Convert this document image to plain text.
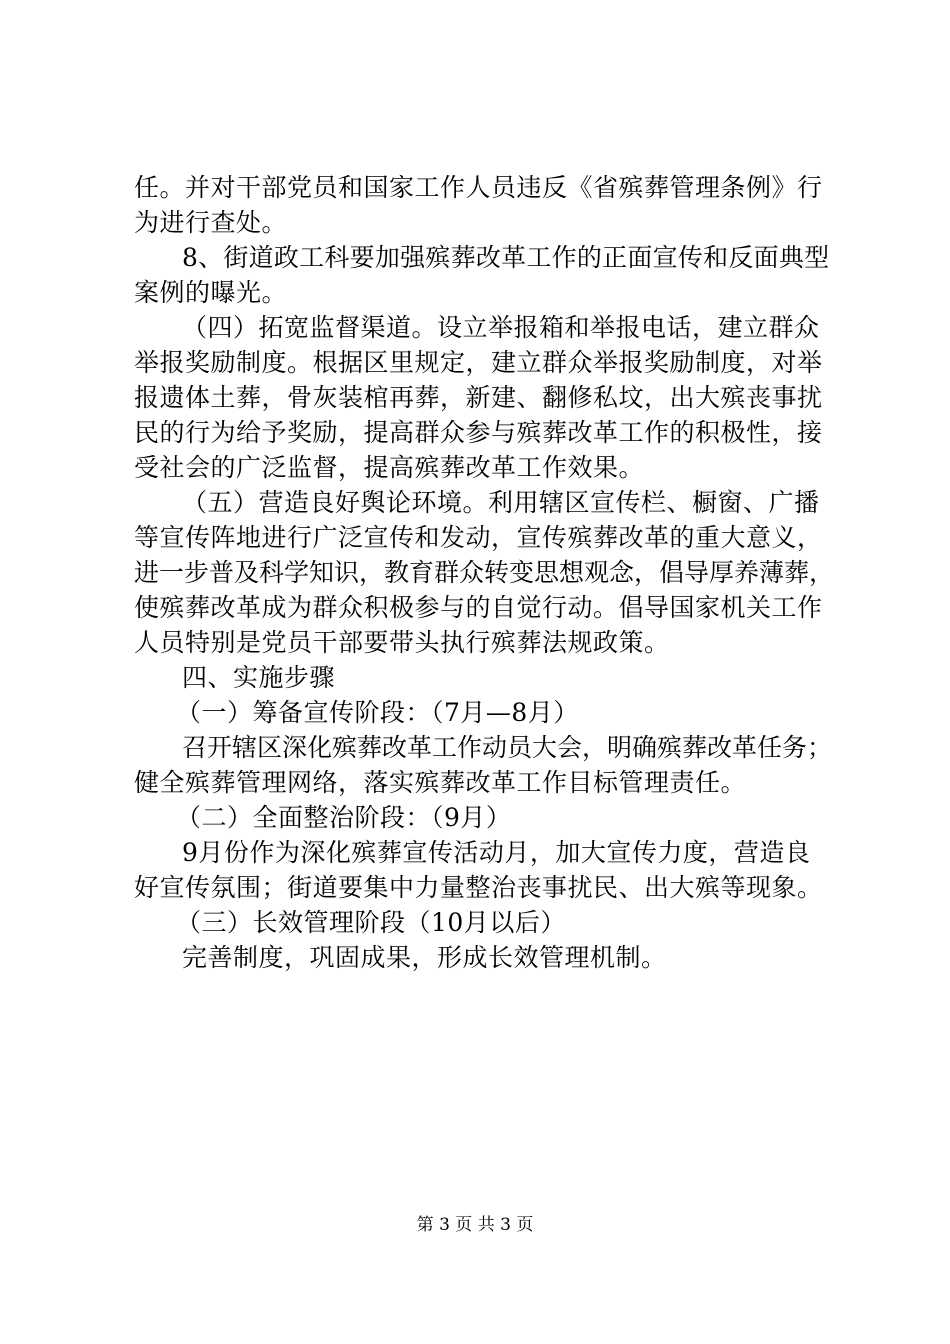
任。并对干部党员和国家工作人员违反《省殡葬管理条例》行
为进行查处。
8、街道政工科要加强殡葬改革工作的正面宣传和反面典型
案例的曝光。
（四）拓宽监督渠道。设立举报箱和举报电话，建立群众
举报奖励制度。根据区里规定，建立群众举报奖励制度，对举
报遗体土葬，骨灰装棺再葬，新建、翻修私坟，出大殡丧事扰
民的行为给予奖励，提高群众参与殡葬改革工作的积极性，接
受社会的广泛监督，提高殡葬改革工作效果。
（五）营造良好舆论环境。利用辖区宣传栏、橱窗、广播
等宣传阵地进行广泛宣传和发动，宣传殡葬改革的重大意义，
进一步普及科学知识，教育群众转变思想观念，倡导厚养薄葬，
使殡葬改革成为群众积极参与的自觉行动。倡导国家机关工作
人员特别是党员干部要带头执行殡葬法规政策。
四、实施步骤
（一）筹备宣传阶段：（7月—8月）
召开辖区深化殡葬改革工作动员大会，明确殡葬改革任务；
健全殡葬管理网络，落实殡葬改革工作目标管理责任。
（二）全面整治阶段：（9月）
9月份作为深化殡葬宣传活动月，加大宣传力度，营造良
好宣传氛围；街道要集中力量整治丧事扰民、出大殡等现象。
（三）长效管理阶段（10月以后）
完善制度，巩固成果，形成长效管理机制。
第 3 页 共 3 页
